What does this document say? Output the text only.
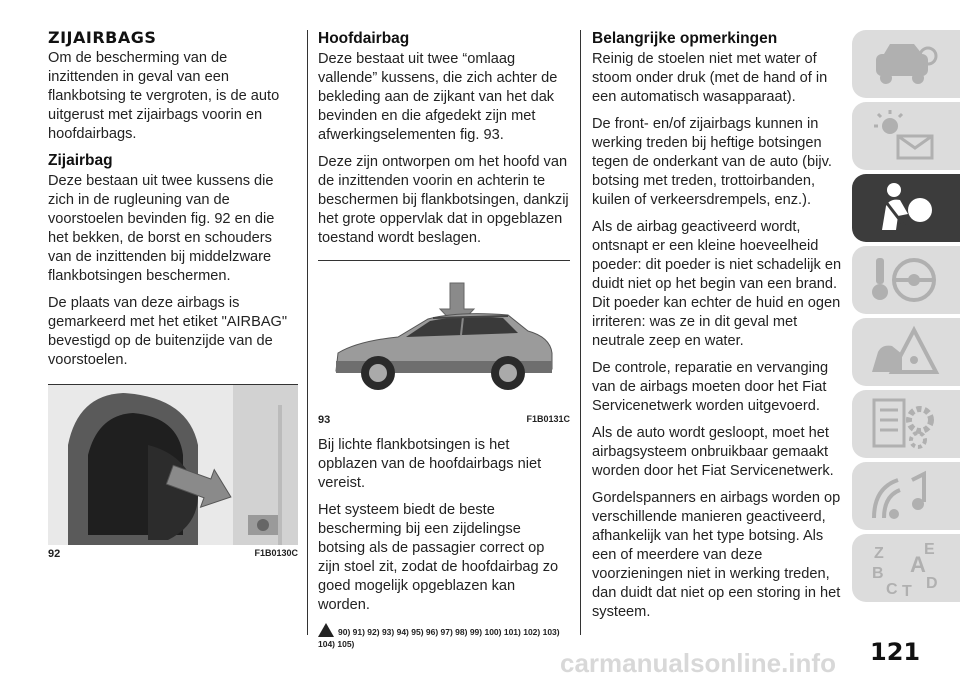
ZIJAIRBAGS

Om de bescherming van de inzittenden in geval van een flankbotsing te vergroten, is de auto uitgerust met zijairbags voorin en hoofdairbags.

Zijairbag

Deze bestaan uit twee kussens die zich in de rugleuning van de voorstoelen bevinden fig. 92 en die het bekken, de borst en schouders van de inzittenden bij middelzware flankbotsingen beschermen.

De plaats van deze airbags is gemarkeerd met het etiket "AIRBAG" bevestigd op de buitenzijde van de voorstoelen.

92	F1B0130C
Hoofdairbag

Deze bestaat uit twee “omlaag vallende” kussens, die zich achter de bekleding aan de zijkant van het dak bevinden en die afgedekt zijn met afwerkingselementen fig. 93.

Deze zijn ontworpen om het hoofd van de inzittenden voorin en achterin te beschermen bij flankbotsingen, dankzij het grote oppervlak dat in opgeblazen toestand wordt beslagen.

93	F1B0131C

Bij lichte flankbotsingen is het opblazen van de hoofdairbags niet vereist.

Het systeem biedt de beste bescherming bij een zijdelingse botsing als de passagier correct op zijn stoel zit, zodat de hoofdairbag zo goed mogelijk opgeblazen kan worden.

90) 91) 92) 93) 94) 95) 96) 97) 98) 99) 100) 101) 102) 103) 104) 105)
Belangrijke opmerkingen

Reinig de stoelen niet met water of stoom onder druk (met de hand of in een automatisch wasapparaat).

De front- en/of zijairbags kunnen in werking treden bij heftige botsingen tegen de onderkant van de auto (bijv. botsing met treden, trottoirbanden, kuilen of verkeersdrempels, enz.).

Als de airbag geactiveerd wordt, ontsnapt er een kleine hoeveelheid poeder: dit poeder is niet schadelijk en duidt niet op het begin van een brand. Dit poeder kan echter de huid en ogen irriteren: was ze in dit geval met neutrale zeep en water.

De controle, reparatie en vervanging van de airbags moeten door het Fiat Servicenetwerk worden uitgevoerd.

Als de auto wordt gesloopt, moet het airbagsysteem onbruikbaar gemaakt worden door het Fiat Servicenetwerk.

Gordelspanners en airbags worden op verschillende manieren geactiveerd, afhankelijk van het type botsing. Als een of meerdere van deze voorzieningen niet in werking treden, dan duidt dat niet op een storing in het systeem.

Z	E
A
B
C T D
carmanualsonline.info 121
